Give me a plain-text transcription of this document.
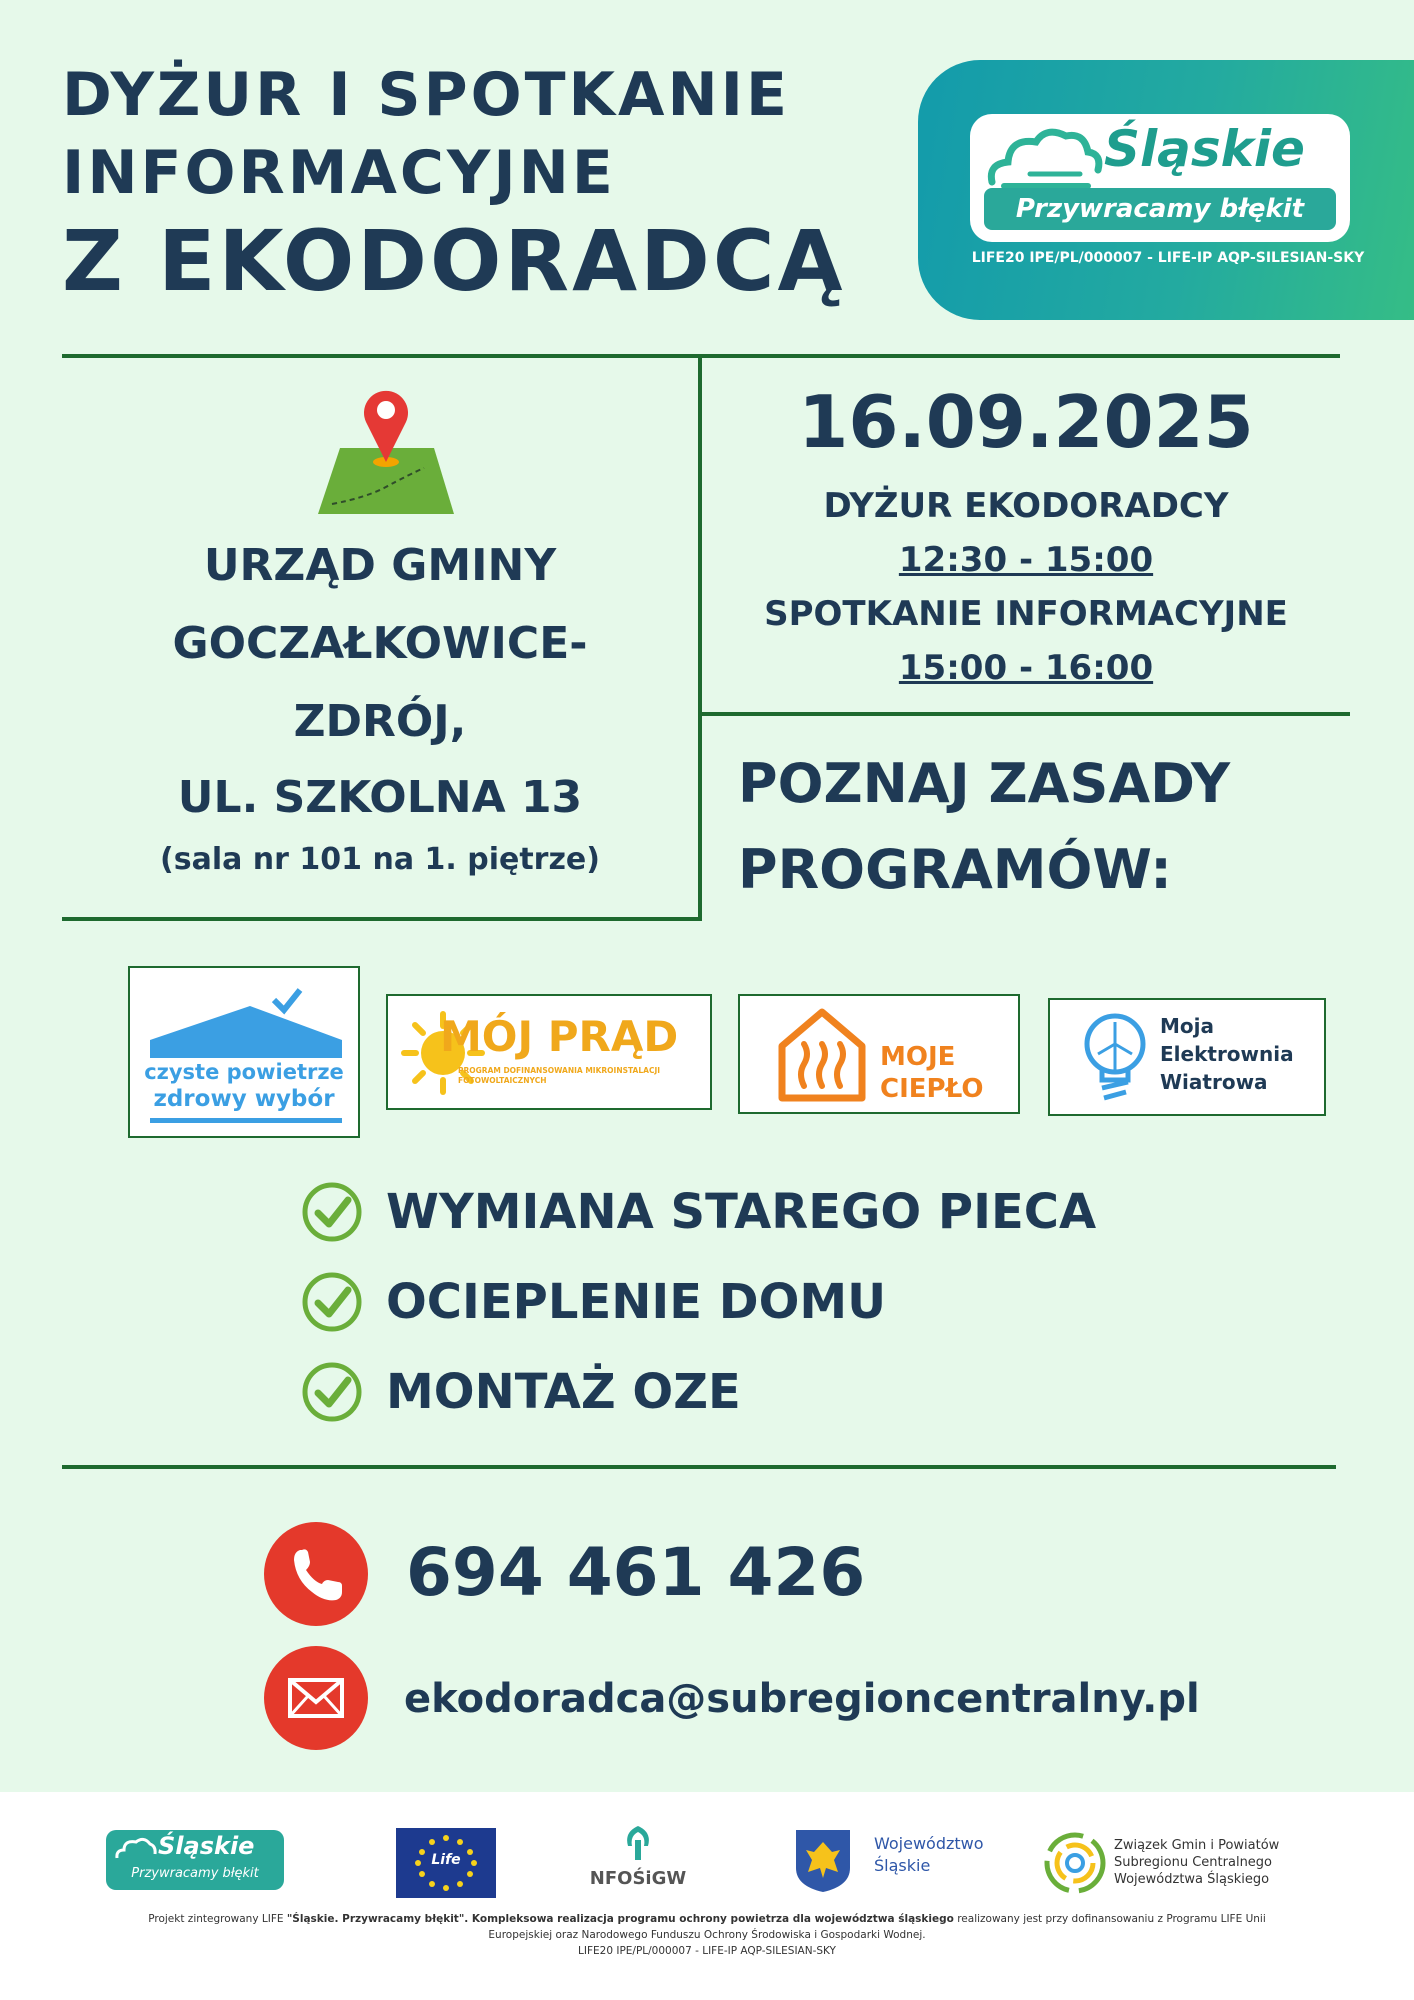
DYŻUR I SPOTKANIE
INFORMACYJNE
Z EKODORADCĄ
Śląskie
Przywracamy błękit
LIFE20 IPE/PL/000007 - LIFE-IP AQP-SILESIAN-SKY
URZĄD GMINY
GOCZAŁKOWICE-
ZDRÓJ,
UL. SZKOLNA 13
(sala nr 101 na 1. piętrze)
16.09.2025
DYŻUR EKODORADCY
12:30 - 15:00
SPOTKANIE INFORMACYJNE
15:00 - 16:00
POZNAJ ZASADY
PROGRAMÓW:
czyste powietrze
zdrowy wybór
MÓJ PRĄD
PROGRAM DOFINANSOWANIA MIKROINSTALACJI
FOTOWOLTAICZNYCH
MOJE
CIEPŁO
Moja
Elektrownia
Wiatrowa
WYMIANA STAREGO PIECA
OCIEPLENIE DOMU
MONTAŻ OZE
694 461 426
ekodoradca@subregioncentralny.pl
Śląskie
Przywracamy błękit
Life
NFOŚiGW
Województwo
Śląskie
Związek Gmin i Powiatów
Subregionu Centralnego
Województwa Śląskiego
Projekt zintegrowany LIFE "Śląskie. Przywracamy błękit". Kompleksowa realizacja programu ochrony powietrza dla województwa śląskiego realizowany jest przy dofinansowaniu z Programu LIFE Unii
Europejskiej oraz Narodowego Funduszu Ochrony Środowiska i Gospodarki Wodnej.
LIFE20 IPE/PL/000007 - LIFE-IP AQP-SILESIAN-SKY
